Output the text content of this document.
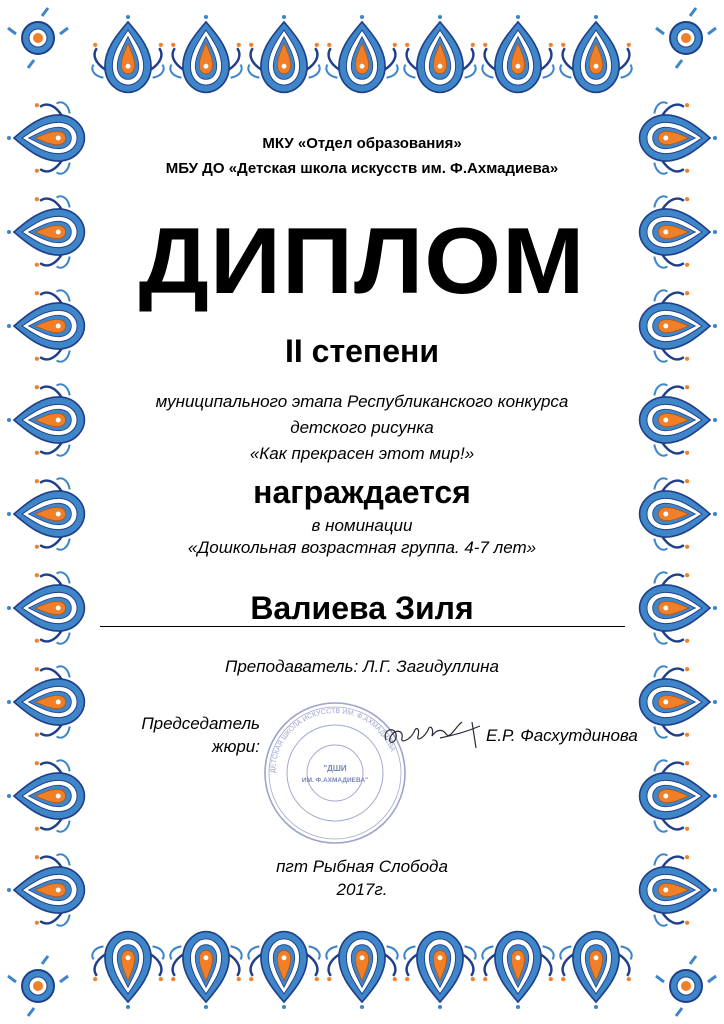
МКУ «Отдел образования»

МБУ ДО «Детская школа искусств им. Ф.Ахмадиева»

ДИПЛОМ

II степени

муниципального этапа Республиканского конкурса

детского рисунка

«Как прекрасен этот мир!»

награждается

в номинации

«Дошкольная возрастная группа. 4-7 лет»

Валиева Зиля

Преподаватель: Л.Г. Загидуллина

Председатель
жюри:
ДЕТСКАЯ ШКОЛА ИСКУССТВ ИМ. Ф.АХМАДИЕВА
"ДШИ
ИМ. Ф.АХМАДИЕВА"
Е.Р. Фасхутдинова

пгт Рыбная Слобода

2017г.
